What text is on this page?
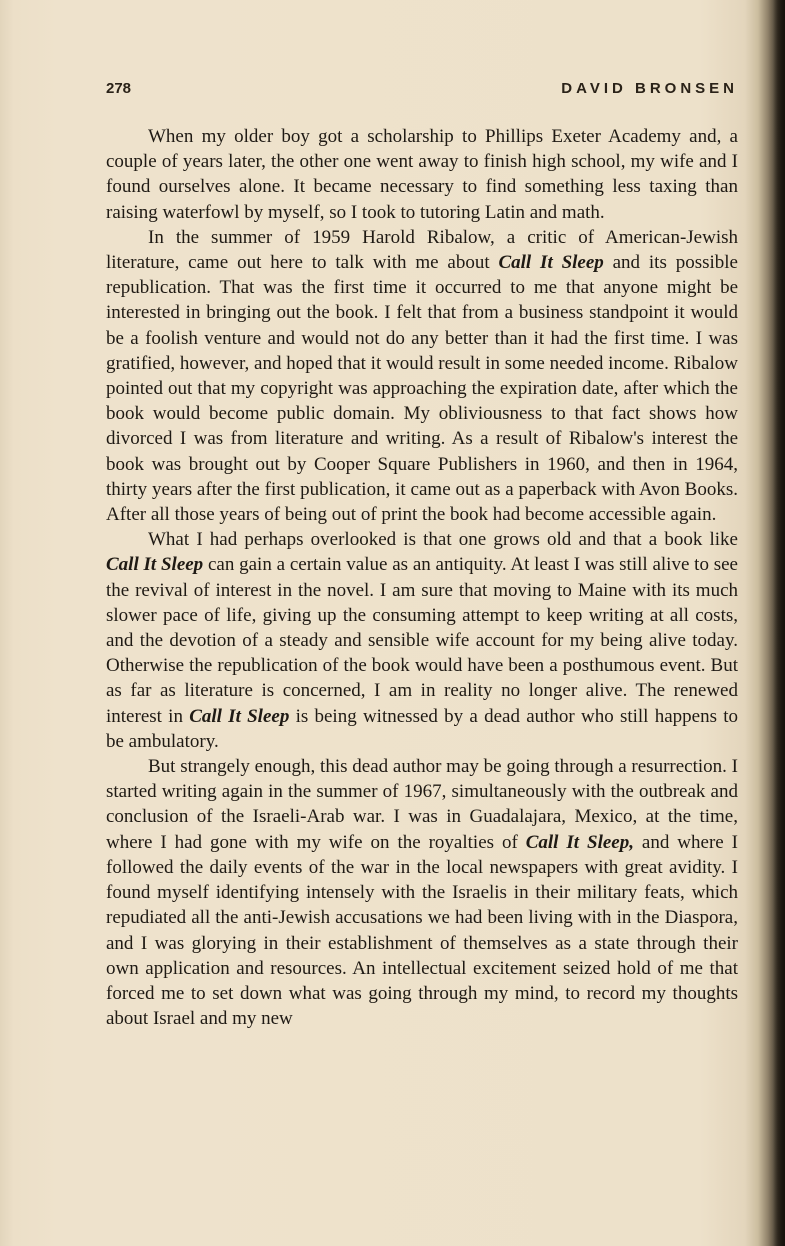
278	DAVID BRONSEN

When my older boy got a scholarship to Phillips Exeter Academy and, a couple of years later, the other one went away to finish high school, my wife and I found ourselves alone. It became necessary to find something less taxing than raising waterfowl by myself, so I took to tutoring Latin and math.

In the summer of 1959 Harold Ribalow, a critic of American-Jewish literature, came out here to talk with me about Call It Sleep and its possible republication. That was the first time it occurred to me that anyone might be interested in bringing out the book. I felt that from a business standpoint it would be a foolish venture and would not do any better than it had the first time. I was gratified, however, and hoped that it would result in some needed income. Ribalow pointed out that my copyright was approaching the expiration date, after which the book would become public domain. My obliviousness to that fact shows how divorced I was from literature and writing. As a result of Ribalow's interest the book was brought out by Cooper Square Publishers in 1960, and then in 1964, thirty years after the first publication, it came out as a paperback with Avon Books. After all those years of being out of print the book had become accessible again.

What I had perhaps overlooked is that one grows old and that a book like Call It Sleep can gain a certain value as an antiquity. At least I was still alive to see the revival of interest in the novel. I am sure that moving to Maine with its much slower pace of life, giving up the consuming attempt to keep writing at all costs, and the devotion of a steady and sensible wife account for my being alive today. Otherwise the republication of the book would have been a posthumous event. But as far as literature is concerned, I am in reality no longer alive. The renewed interest in Call It Sleep is being witnessed by a dead author who still happens to be ambulatory.

But strangely enough, this dead author may be going through a resurrection. I started writing again in the summer of 1967, simultaneously with the outbreak and conclusion of the Israeli-Arab war. I was in Guadalajara, Mexico, at the time, where I had gone with my wife on the royalties of Call It Sleep, and where I followed the daily events of the war in the local newspapers with great avidity. I found myself identifying intensely with the Israelis in their military feats, which repudiated all the anti-Jewish accusations we had been living with in the Diaspora, and I was glorying in their establishment of themselves as a state through their own application and resources. An intellectual excitement seized hold of me that forced me to set down what was going through my mind, to record my thoughts about Israel and my new
